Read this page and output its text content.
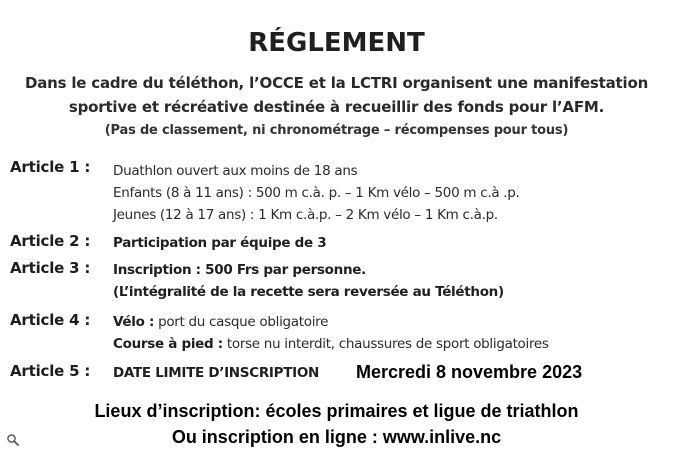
RÉGLEMENT
Dans le cadre du téléthon, l’OCCE et la LCTRI organisent une manifestation
sportive et récréative destinée à recueillir des fonds pour l’AFM.
(Pas de classement, ni chronométrage – récompenses pour tous)
Article 1 :	Duathlon ouvert aux moins de 18 ans
Enfants (8 à 11 ans) : 500 m c.à. p. – 1 Km vélo – 500 m c.à .p.
Jeunes (12 à 17 ans) : 1 Km c.à.p. – 2 Km vélo – 1 Km c.à.p.
Article 2 :	Participation par équipe de 3
Article 3 :	Inscription : 500 Frs par personne.
(L’intégralité de la recette sera reversée au Téléthon)
Article 4 :	Vélo : port du casque obligatoire
Course à pied : torse nu interdit, chaussures de sport obligatoires
Article 5 :	DATE LIMITE D’INSCRIPTION	Mercredi 8 novembre 2023
Lieux d’inscription: écoles primaires et ligue de triathlon
Ou inscription en ligne : www.inlive.nc
